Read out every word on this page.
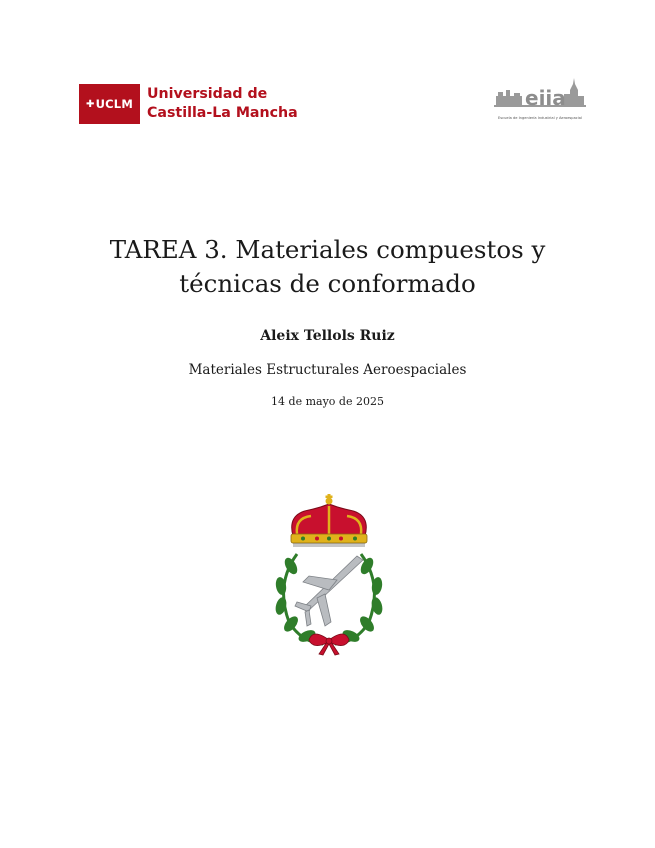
✚ UCLM
Universidad de
Castilla-La Mancha
eiia
Escuela de Ingeniería Industrial y Aeroespacial
TAREA 3. Materiales compuestos y
técnicas de conformado
Aleix Tellols Ruiz
Materiales Estructurales Aeroespaciales
14 de mayo de 2025
